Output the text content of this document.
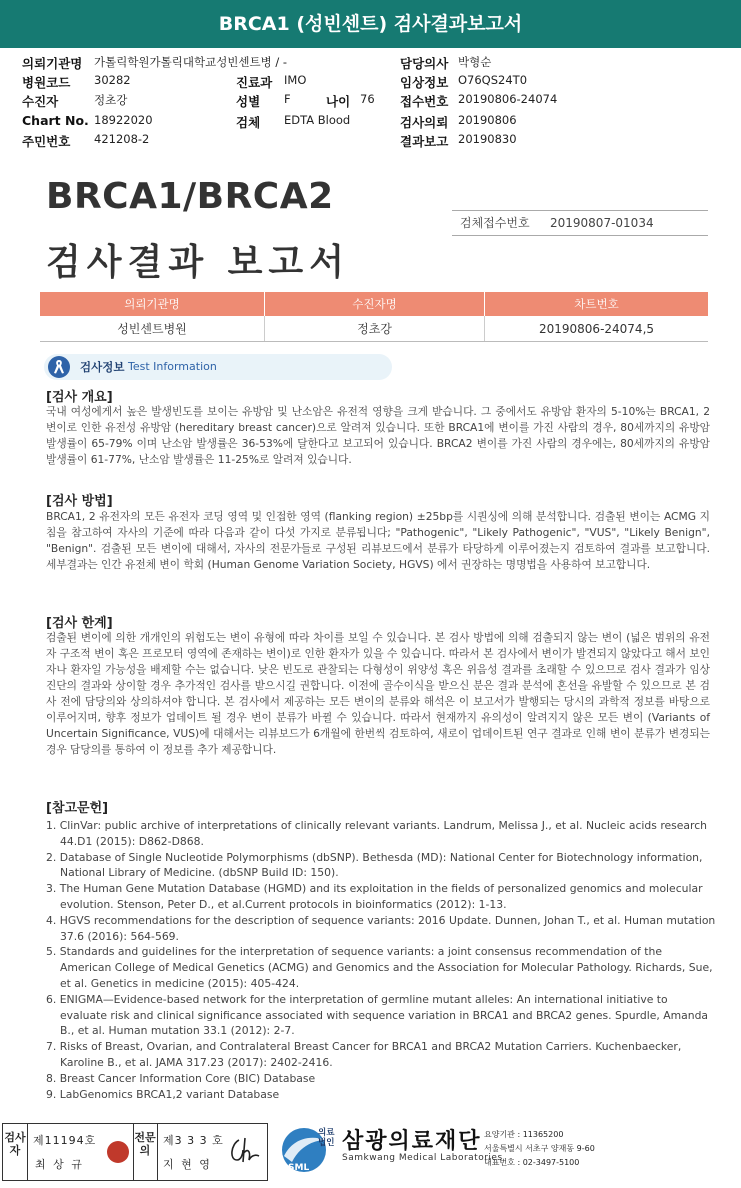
BRCA1 (성빈센트) 검사결과보고서
의뢰기관명 가톨릭학원가톨릭대학교성빈센트병 / -	담당의사 박형순
병원코드 30282	진료과 IMO	임상정보 O76QS24T0
수진자	정초강	성별 F	나이 76 접수번호 20190806-24074
Chart No. 18922020	검체 EDTA Blood	검사의뢰 20190806
주민번호 421208-2	결과보고 20190830
BRCA1/BRCA2
검사결과 보고서
검체접수번호 20190807-01034
의뢰기관명	수진자명	차트번호
성빈센트병원	정초강	20190806-24074,5
검사정보 Test Information
[검사 개요]
국내 여성에게서 높은 발생빈도를 보이는 유방암 및 난소암은 유전적 영향을 크게 받습니다. 그 중에서도 유방암 환자의 5-10%는 BRCA1, 2 변이로 인한 유전성 유방암 (hereditary breast cancer)으로 알려져 있습니다. 또한 BRCA1에 변이를 가진 사람의 경우, 80세까지의 유방암 발생률이 65-79% 이며 난소암 발생률은 36-53%에 달한다고 보고되어 있습니다. BRCA2 변이를 가진 사람의 경우에는, 80세까지의 유방암 발생률이 61-77%, 난소암 발생률은 11-25%로 알려져 있습니다.
[검사 방법]
BRCA1, 2 유전자의 모든 유전자 코딩 영역 및 인접한 영역 (flanking region) ±25bp를 시퀀싱에 의해 분석합니다. 검출된 변이는 ACMG 지침을 참고하여 자사의 기준에 따라 다음과 같이 다섯 가지로 분류됩니다; "Pathogenic", "Likely Pathogenic", "VUS", "Likely Benign", "Benign". 검출된 모든 변이에 대해서, 자사의 전문가들로 구성된 리뷰보드에서 분류가 타당하게 이루어졌는지 검토하여 결과를 보고합니다. 세부결과는 인간 유전체 변이 학회 (Human Genome Variation Society, HGVS) 에서 권장하는 명명법을 사용하여 보고합니다.
[검사 한계]
검출된 변이에 의한 개개인의 위험도는 변이 유형에 따라 차이를 보일 수 있습니다. 본 검사 방법에 의해 검출되지 않는 변이 (넓은 범위의 유전자 구조적 변이 혹은 프로모터 영역에 존재하는 변이)로 인한 환자가 있을 수 있습니다. 따라서 본 검사에서 변이가 발견되지 않았다고 해서 보인자나 환자일 가능성을 배제할 수는 없습니다. 낮은 빈도로 관찰되는 다형성이 위양성 혹은 위음성 결과를 초래할 수 있으므로 검사 결과가 임상진단의 결과와 상이할 경우 추가적인 검사를 받으시길 권합니다. 이전에 골수이식을 받으신 분은 결과 분석에 혼선을 유발할 수 있으므로 본 검사 전에 담당의와 상의하셔야 합니다. 본 검사에서 제공하는 모든 변이의 분류와 해석은 이 보고서가 발행되는 당시의 과학적 정보를 바탕으로 이루어지며, 향후 정보가 업데이트 될 경우 변이 분류가 바뀔 수 있습니다. 따라서 현재까지 유의성이 알려지지 않은 모든 변이 (Variants of Uncertain Significance, VUS)에 대해서는 리뷰보드가 6개월에 한번씩 검토하여, 새로이 업데이트된 연구 결과로 인해 변이 분류가 변경되는 경우 담당의를 통하여 이 정보를 추가 제공합니다.
[참고문헌]
1. ClinVar: public archive of interpretations of clinically relevant variants. Landrum, Melissa J., et al. Nucleic acids research 44.D1 (2015): D862-D868.
2. Database of Single Nucleotide Polymorphisms (dbSNP). Bethesda (MD): National Center for Biotechnology information, National Library of Medicine. (dbSNP Build ID: 150).
3. The Human Gene Mutation Database (HGMD) and its exploitation in the fields of personalized genomics and molecular evolution. Stenson, Peter D., et al.Current protocols in bioinformatics (2012): 1-13.
4. HGVS recommendations for the description of sequence variants: 2016 Update. Dunnen, Johan T., et al. Human mutation 37.6 (2016): 564-569.
5. Standards and guidelines for the interpretation of sequence variants: a joint consensus recommendation of the American College of Medical Genetics (ACMG) and Genomics and the Association for Molecular Pathology. Richards, Sue, et al. Genetics in medicine (2015): 405-424.
6. ENIGMA—Evidence-based network for the interpretation of germline mutant alleles: An international initiative to evaluate risk and clinical significance associated with sequence variation in BRCA1 and BRCA2 genes. Spurdle, Amanda B., et al. Human mutation 33.1 (2012): 2-7.
7. Risks of Breast, Ovarian, and Contralateral Breast Cancer for BRCA1 and BRCA2 Mutation Carriers. Kuchenbaecker, Karoline B., et al. JAMA 317.23 (2017): 2402-2416.
8. Breast Cancer Information Core (BIC) Database
9. LabGenomics BRCA1,2 variant Database
검사자
제11194호
최 상 규
전문의
제3 3 3 호
지 현 영	SML
의료
법인 삼광의료재단
Samkwang Medical Laboratories
요양기관 : 11365200
서울특별시 서초구 양재동 9-60
대표번호 : 02-3497-5100
